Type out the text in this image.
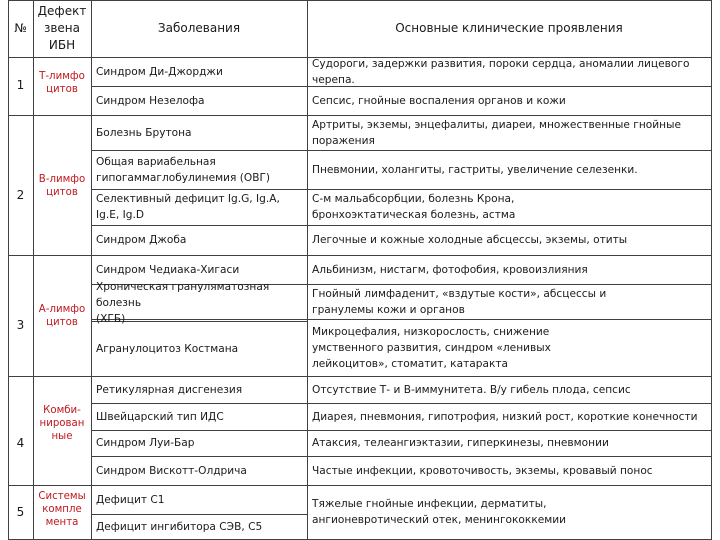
№
Дефект
звена
ИБН
Заболевания	Основные клинические проявления
1
2
3
4
5
Т-лимфо
цитов
В-лимфо
цитов
А-лимфо
цитов
Комби-
нирован
ные
Системы
компле
мента
Синдром Ди-Джорджи
Синдром Незелофа
Болезнь Брутона
Общая вариабельная
гипогаммаглобулинемия (ОВГ)
Селективный дефицит Ig.G, Ig.A, Ig.E, Ig.D
Синдром Джоба
Синдром Чедиака-Хигаси
Хроническая грануляматозная болезнь
(ХГБ)
Агранулоцитоз Костмана
Ретикулярная дисгенезия
Швейцарский тип ИДС
Синдром Луи-Бар
Синдром Вискотт-Олдрича
Дефицит С1
Дефицит ингибитора СЭВ, С5
Судороги, задержки развития, пороки сердца, аномалии лицевого черепа.
Сепсис, гнойные воспаления органов и кожи
Артриты, экземы, энцефалиты, диареи, множественные гнойные
поражения
Пневмонии, холангиты, гастриты, увеличение селезенки.
С-м мальабсорбции, болезнь Крона,
бронхоэктатическая болезнь, астма
Легочные и кожные холодные абсцессы, экземы, отиты
Альбинизм, нистагм, фотофобия, кровоизлияния
Гнойный лимфаденит, «вздутые кости», абсцессы и
гранулемы кожи и органов
Микроцефалия, низкорослость, снижение
умственного развития, синдром «ленивых
лейкоцитов», стоматит, катаракта
Отсутствие Т- и В-иммунитета. В/у гибель плода, сепсис
Диарея, пневмония, гипотрофия, низкий рост, короткие конечности
Атаксия, телеангиэктазии, гиперкинезы, пневмонии
Частые инфекции, кровоточивость, экземы, кровавый понос
Тяжелые гнойные инфекции, дерматиты,
ангионевротический отек, менингококкемии
